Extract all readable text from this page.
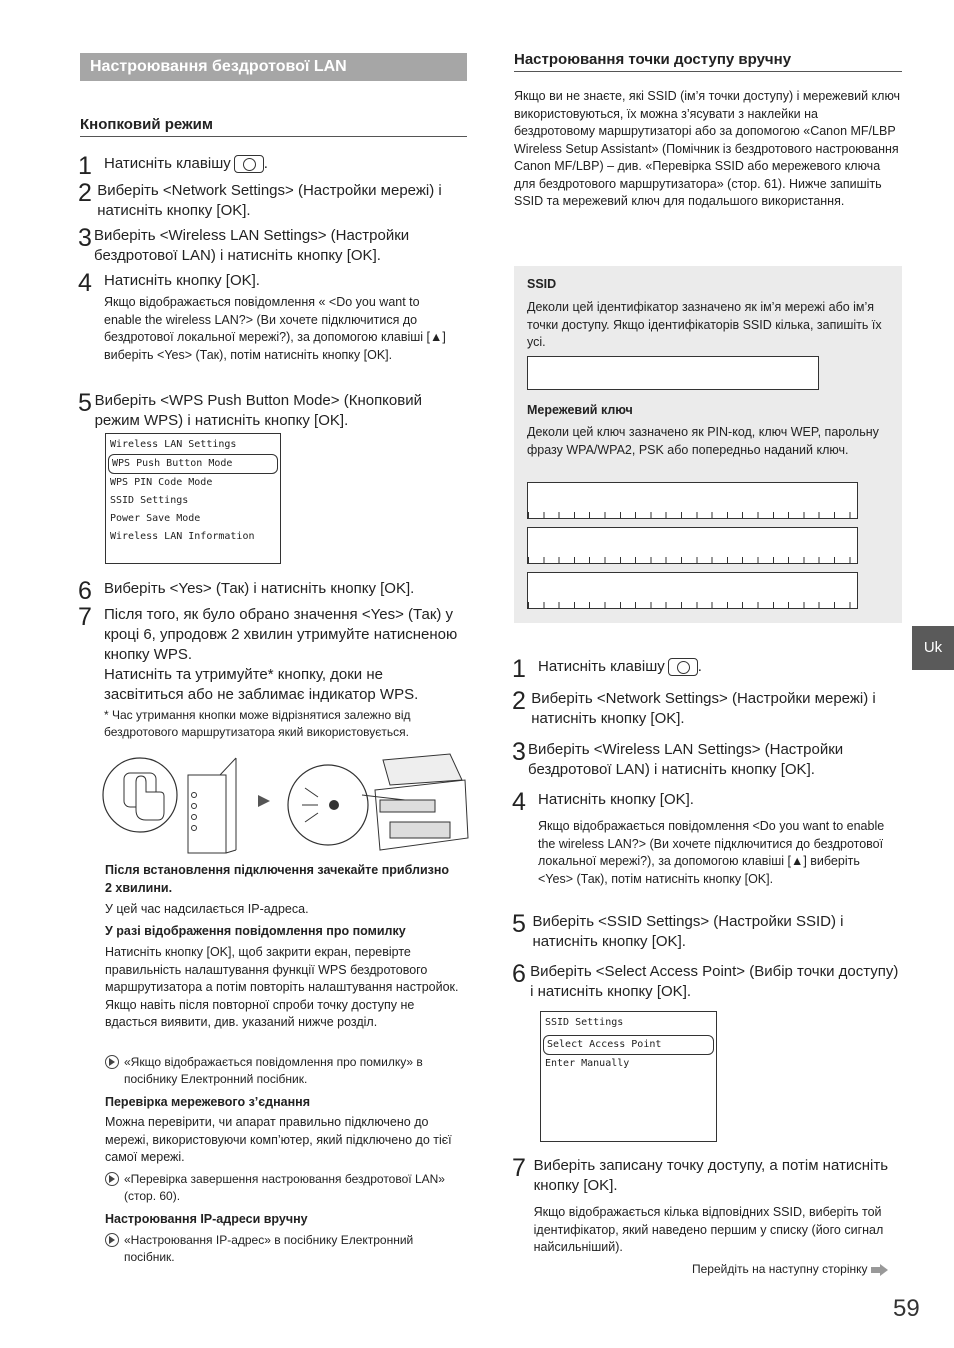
Настроювання бездротової LAN
Кнопковий режим
1 Натисніть клавішу .
2 Виберіть <Network Settings> (Настройки мережі) і натисніть кнопку [OK].
3 Виберіть <Wireless LAN Settings> (Настройки бездротової LAN) і натисніть кнопку [OK].
4 Натисніть кнопку [OK].
Якщо відображається повідомлення « <Do you want to enable the wireless LAN?> (Ви хочете підключитися до бездротової локальної мережі?), за допомогою клавіші [▲] виберіть <Yes> (Так), потім натисніть кнопку [OK].
5 Виберіть <WPS Push Button Mode> (Кнопковий режим WPS) і натисніть кнопку [OK].
Wireless LAN Settings
WPS Push Button Mode
WPS PIN Code Mode
SSID Settings
Power Save Mode
Wireless LAN Information
6 Виберіть <Yes> (Так) і натисніть кнопку [OK].
7 Після того, як було обрано значення <Yes> (Так) у кроці 6, упродовж 2 хвилин утримуйте натисненою кнопку WPS.
Натисніть та утримуйте* кнопку, доки не засвітиться або не заблимає індикатор WPS.
* Час утримання кнопки може відрізнятися залежно від бездротового маршрутизатора який використовується.
Після встановлення підключення зачекайте приблизно 2 хвилини.
У цей час надсилається IP-адреса.
У разі відображення повідомлення про помилку
Натисніть кнопку [OK], щоб закрити екран, перевірте правильність налаштування функції WPS бездротового маршрутизатора а потім повторіть налаштування настройок. Якщо навіть після повторної спроби точку доступу не вдасться виявити, див. указаний нижче розділ.
«Якщо відображається повідомлення про помилку» в посібнику Електронний посібник.
Перевірка мережевого з’єднання
Можна перевірити, чи апарат правильно підключено до мережі, використовуючи комп’ютер, який підключено до тієї самої мережі.
«Перевірка завершення настроювання бездротової LAN» (стор. 60).
Настроювання IP-адреси вручну
«Настроювання IP-адрес» в посібнику Електронний посібник.
Настроювання точки доступу вручну
Якщо ви не знаєте, які SSID (ім’я точки доступу) і мережевий ключ використовуються, їх можна з’ясувати з наклейки на бездротовому маршрутизаторі або за допомогою «Canon MF/LBP Wireless Setup Assistant» (Помічник із бездротового настроювання Canon MF/LBP) – див. «Перевірка SSID або мережевого ключа для бездротового маршрутизатора» (стор. 61). Нижче запишіть SSID та мережевий ключ для подальшого використання.
SSID
Деколи цей ідентифікатор зазначено як ім’я мережі або ім’я точки доступу. Якщо ідентифікаторів SSID кілька, запишіть їх усі.
Мережевий ключ
Деколи цей ключ зазначено як PIN-код, ключ WEP, парольну фразу WPA/WPA2, PSK або попередньо наданий ключ.
1 Натисніть клавішу .
2 Виберіть <Network Settings> (Настройки мережі) і натисніть кнопку [OK].
3 Виберіть <Wireless LAN Settings> (Настройки бездротової LAN) і натисніть кнопку [OK].
4 Натисніть кнопку [OK].
Якщо відображається повідомлення <Do you want to enable the wireless LAN?> (Ви хочете підключитися до бездротової локальної мережі?), за допомогою клавіші [▲] виберіть <Yes> (Так), потім натисніть кнопку [OK].
5 Виберіть <SSID Settings> (Настройки SSID) і натисніть кнопку [OK].
6 Виберіть <Select Access Point> (Вибір точки доступу) і натисніть кнопку [OK].
SSID Settings
Select Access Point
Enter Manually
7 Виберіть записану точку доступу, а потім натисніть кнопку [OK].
Якщо відображається кілька відповідних SSID, виберіть той ідентифікатор, який наведено першим у списку (його сигнал найсильніший).
Перейдіть на наступну сторінку
Uk
59
